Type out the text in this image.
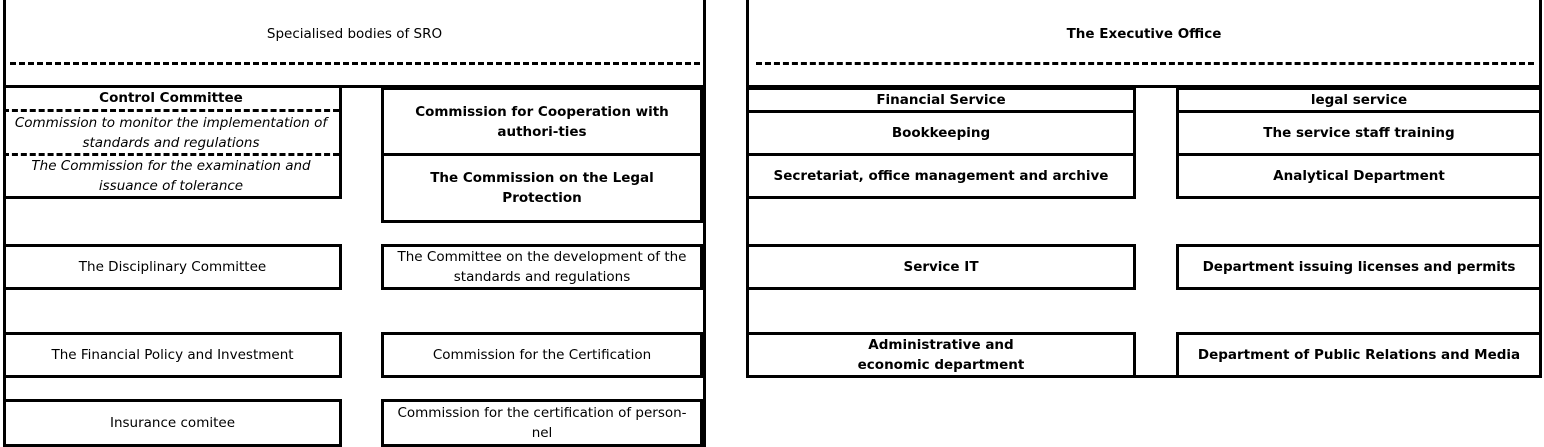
Specialised bodies of SRO
Control Committee
Commission to monitor the implementation of standards and regulations
The Commission for the examination and issuance of tolerance
The Disciplinary Committee
The Financial Policy and Investment
Insurance comitee
Commission for Cooperation with authori-ties
The Commission on the Legal Protection
The Committee on the development of the standards and regulations
Commission for the Certification
Commission for the certification of person-nel
The Executive Office
Financial Service
Bookkeeping
Secretariat, office management and archive
Service IT
Administrative and economic department
legal service
The service staff training
Analytical Department
Department issuing licenses and permits
Department of Public Relations and Media
